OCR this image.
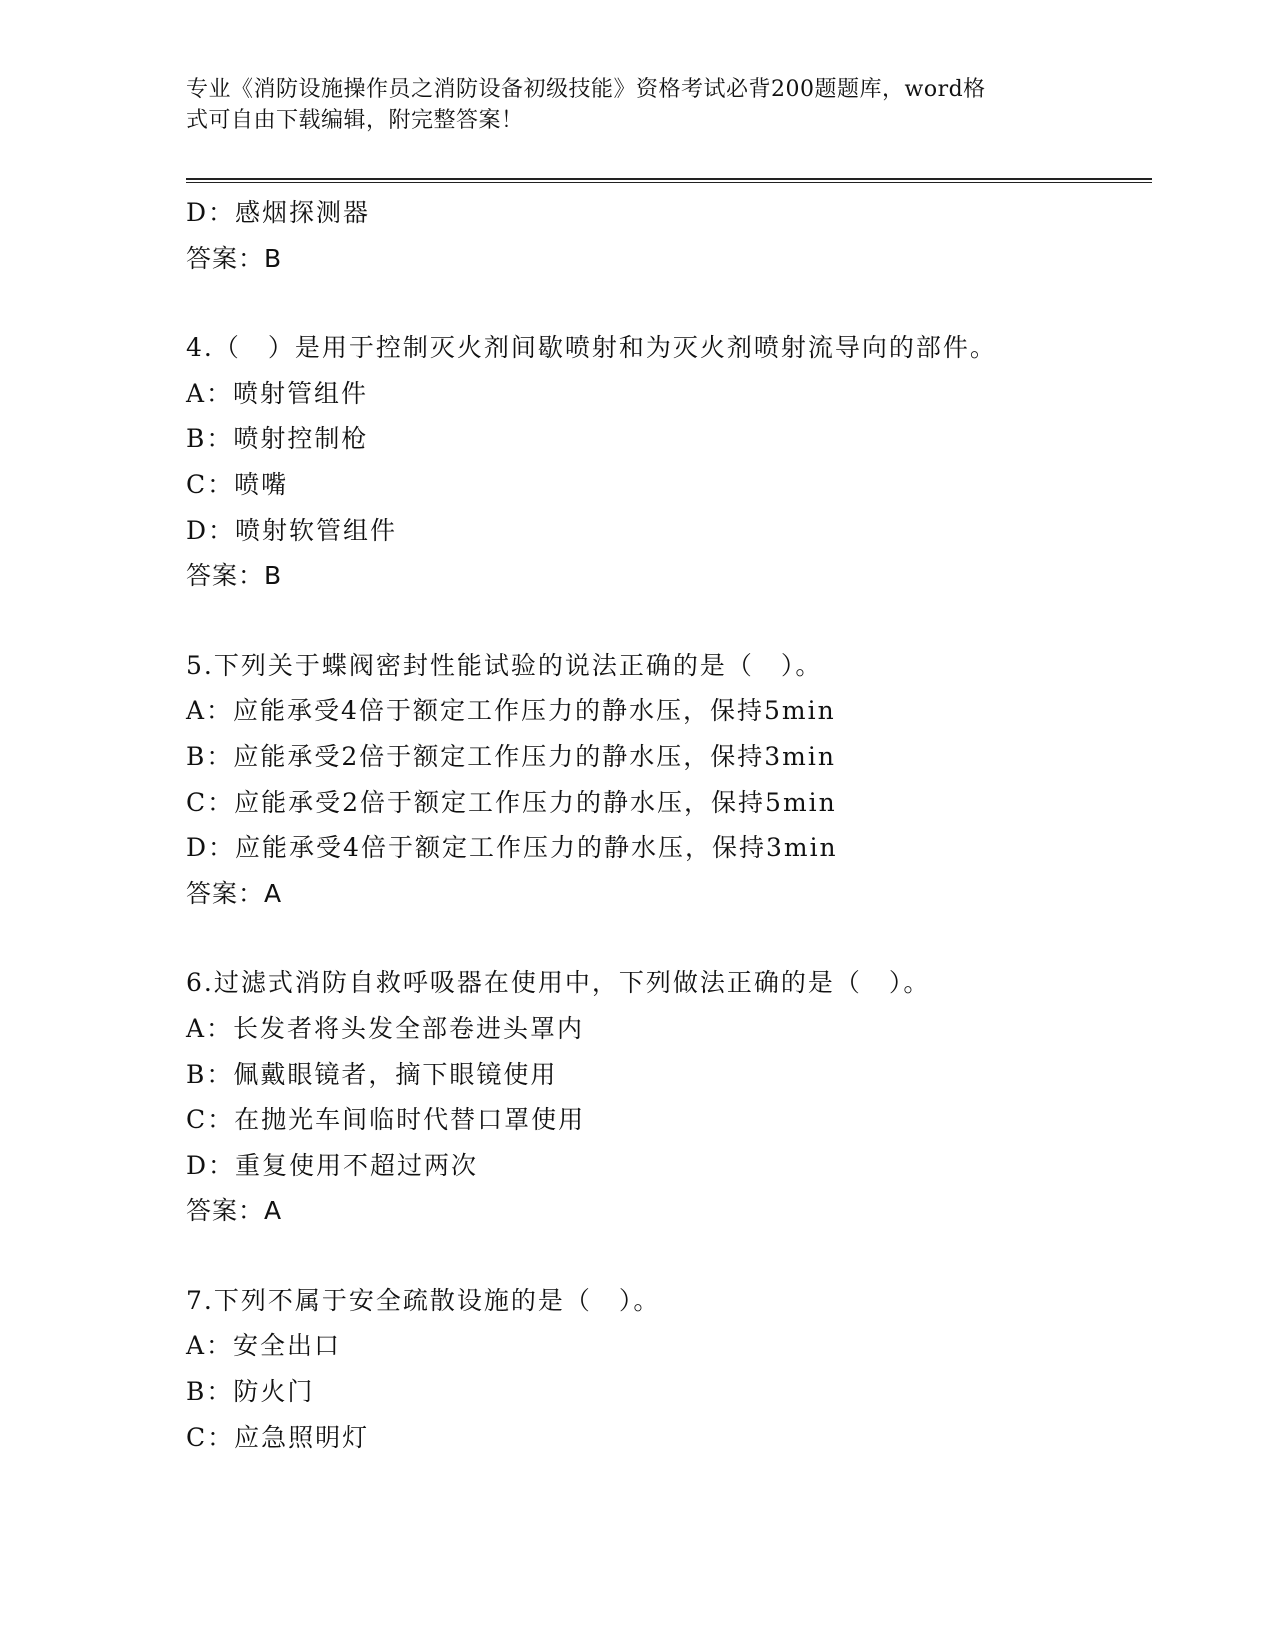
专业《消防设施操作员之消防设备初级技能》资格考试必背200题题库，word格
式可自由下载编辑，附完整答案！
D：感烟探测器
答案：B
4.（　）是用于控制灭火剂间歇喷射和为灭火剂喷射流导向的部件。
A：喷射管组件
B：喷射控制枪
C：喷嘴
D：喷射软管组件
答案：B
5.下列关于蝶阀密封性能试验的说法正确的是（　）。
A：应能承受4倍于额定工作压力的静水压，保持5min
B：应能承受2倍于额定工作压力的静水压，保持3min
C：应能承受2倍于额定工作压力的静水压，保持5min
D：应能承受4倍于额定工作压力的静水压，保持3min
答案：A
6.过滤式消防自救呼吸器在使用中，下列做法正确的是（　）。
A：长发者将头发全部卷进头罩内
B：佩戴眼镜者，摘下眼镜使用
C：在抛光车间临时代替口罩使用
D：重复使用不超过两次
答案：A
7.下列不属于安全疏散设施的是（　）。
A：安全出口
B：防火门
C：应急照明灯
